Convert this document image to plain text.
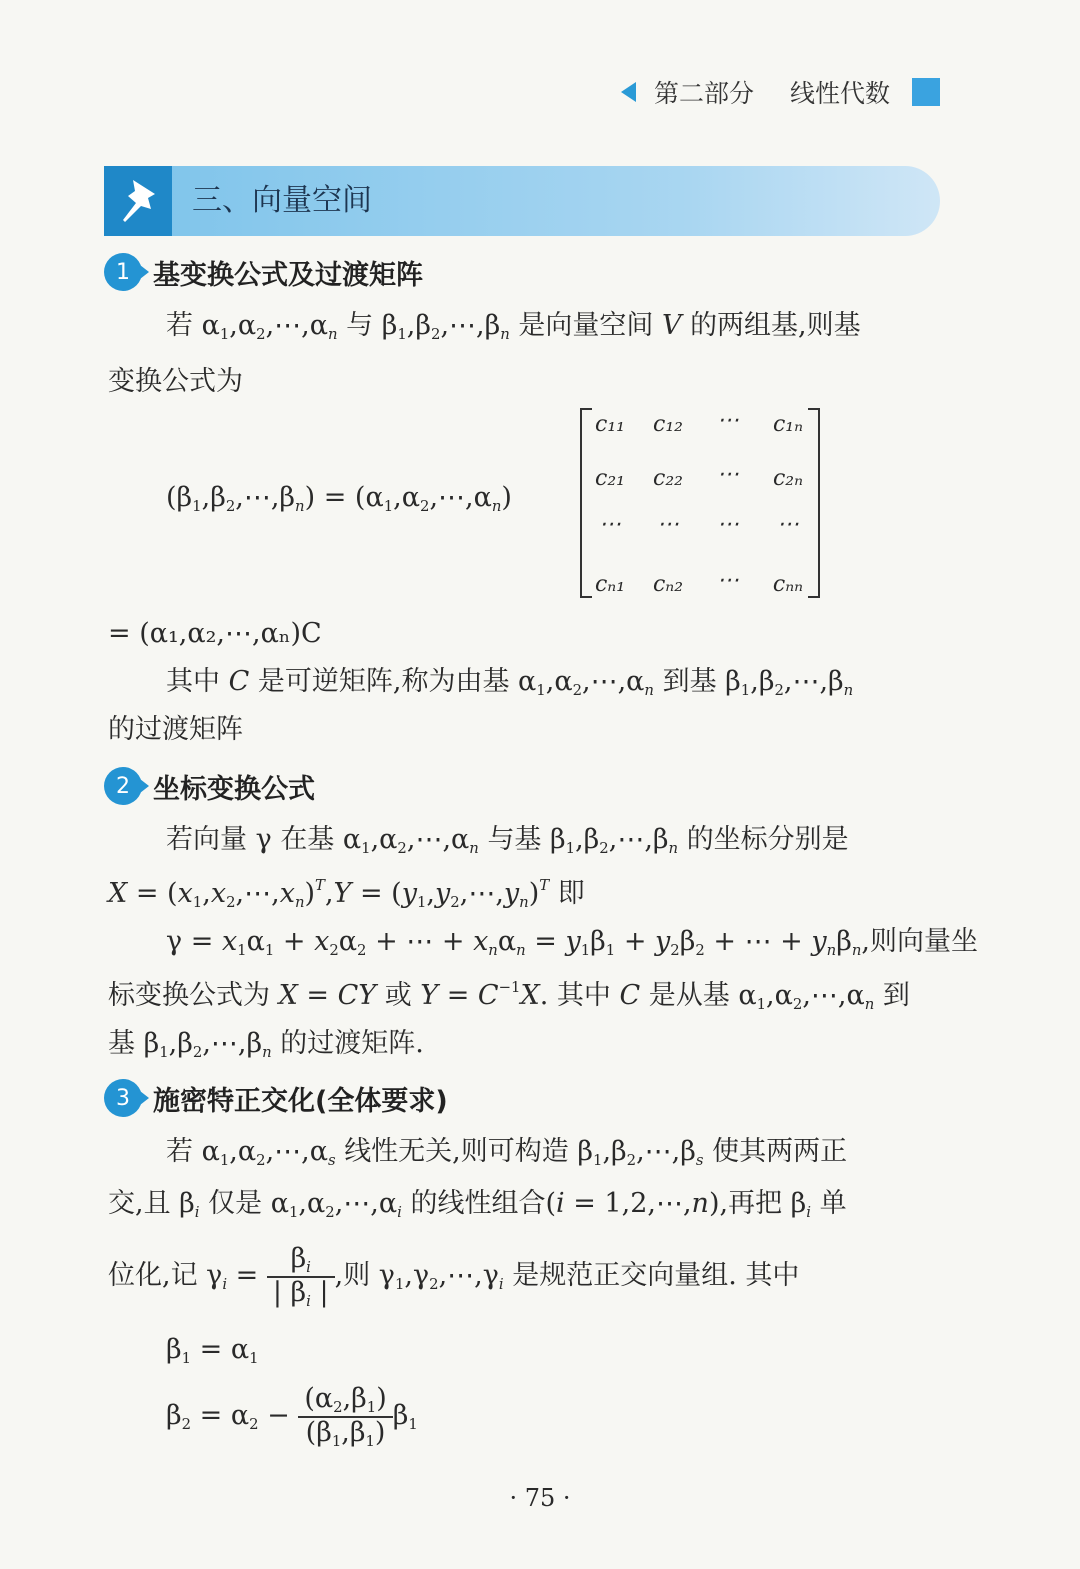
第二部分 线性代数
三、向量空间
1 基变换公式及过渡矩阵
若 $\alpha_1,\alpha_2,\cdots,\alpha_n$ 与 $\beta_1,\beta_2,\cdots,\beta_n$ 是向量空间 V 的两组基,则基
变换公式为
$(\beta_1,\beta_2,\cdots,\beta_n)$ = $(\alpha_1,\alpha_2,\cdots,\alpha_n)$
c₁₁	c₁₂	⋯	c₁ₙ
c₂₁	c₂₂	⋯	c₂ₙ
⋯	⋯	⋯	⋯
cₙ₁	cₙ₂	⋯	cₙₙ
= (α₁,α₂,⋯,αₙ)C
其中 C 是可逆矩阵,称为由基 $\alpha_1,\alpha_2,\cdots,\alpha_n$ 到基 $\beta_1,\beta_2,\cdots,\beta_n$
的过渡矩阵
2 坐标变换公式
若向量 γ 在基 $\alpha_1,\alpha_2,\cdots,\alpha_n$ 与基 $\beta_1,\beta_2,\cdots,\beta_n$ 的坐标分别是
$X = (x_1,x_2,\cdots,x_n)^T,Y$ = $(y_1,y_2,\cdots,y_n)^T$ 即
$\gamma = x_1\alpha_1 + x_2\alpha_2$ + ⋯ + $x_n\alpha_n = y_1\beta_1 + y_2\beta_2$ + ⋯ + $y_n\beta_n$,则向量坐
标变换公式为 X = CY 或 $Y = C^{-1}X$. 其中 C 是从基 $\alpha_1,\alpha_2,\cdots,\alpha_n$ 到
基 $\beta_1,\beta_2,\cdots,\beta_n$ 的过渡矩阵.
3 施密特正交化(全体要求)
若 $\alpha_1,\alpha_2,\cdots,\alpha_s$ 线性无关,则可构造 $\beta_1,\beta_2,\cdots,\beta_s$ 使其两两正
交,且 $\beta_i$ 仅是 $\alpha_1,\alpha_2,\cdots,\alpha_i$ 的线性组合(i = 1,2,⋯,n),再把 $\beta_i$ 单
位化,记 $\gamma_i = \frac{\beta_i}{| \beta_i |}$ ,则 $\gamma_1,\gamma_2,\cdots,\gamma_i$ 是规范正交向量组. 其中
$\beta_1 = \alpha_1$
$\beta_2 = \alpha_2 - \frac{(\alpha_2,\beta_1)}{(\beta_1,\beta_1)} \beta_1$
· 75 ·
